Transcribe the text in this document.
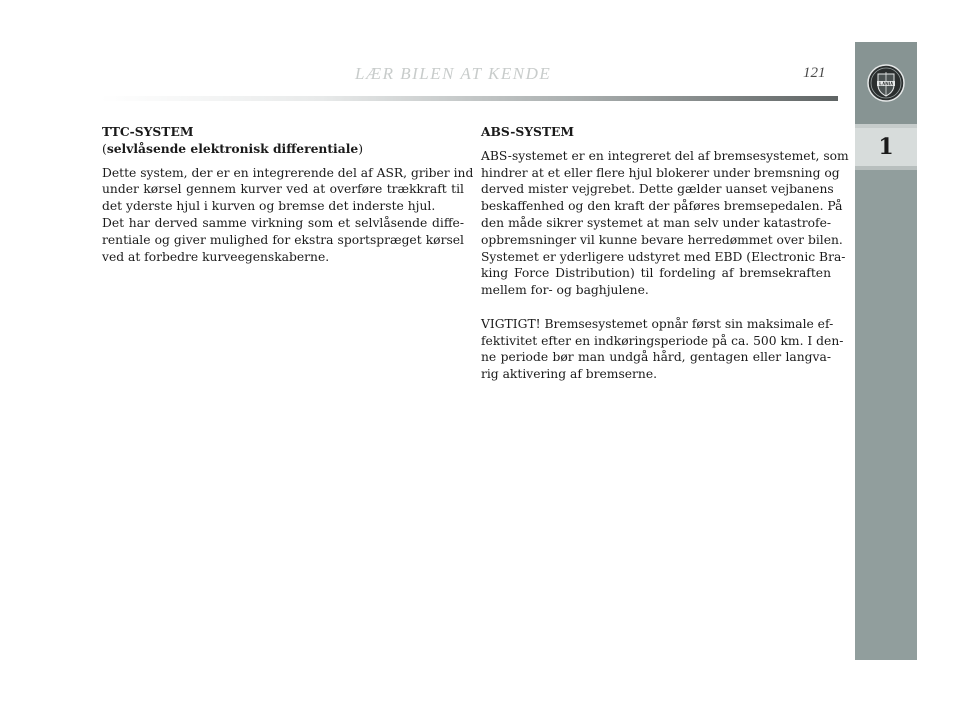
LÆR BILEN AT KENDE	121
1

TTC-SYSTEM

(selvlåsende elektronisk differentiale)

Dette system, der er en integrerende del af ASR, griber ind
under kørsel gennem kurver ved at overføre trækkraft til
det yderste hjul i kurven og bremse det inderste hjul.

Det har derved samme virkning som et selvlåsende diffe-
rentiale og giver mulighed for ekstra sportspræget kørsel
ved at forbedre kurveegenskaberne.

ABS-SYSTEM

ABS-systemet er en integreret del af bremsesystemet, som
hindrer at et eller flere hjul blokerer under bremsning og
derved mister vejgrebet. Dette gælder uanset vejbanens
beskaffenhed og den kraft der påføres bremsepedalen. På
den måde sikrer systemet at man selv under katastrofe-
opbremsninger vil kunne bevare herredømmet over bilen.
Systemet er yderligere udstyret med EBD (Electronic Bra-
king Force Distribution) til fordeling af bremsekraften
mellem for- og baghjulene.

VIGTIGT! Bremsesystemet opnår først sin maksimale ef-
fektivitet efter en indkøringsperiode på ca. 500 km. I den-
ne periode bør man undgå hård, gentagen eller langva-
rig aktivering af bremserne.
